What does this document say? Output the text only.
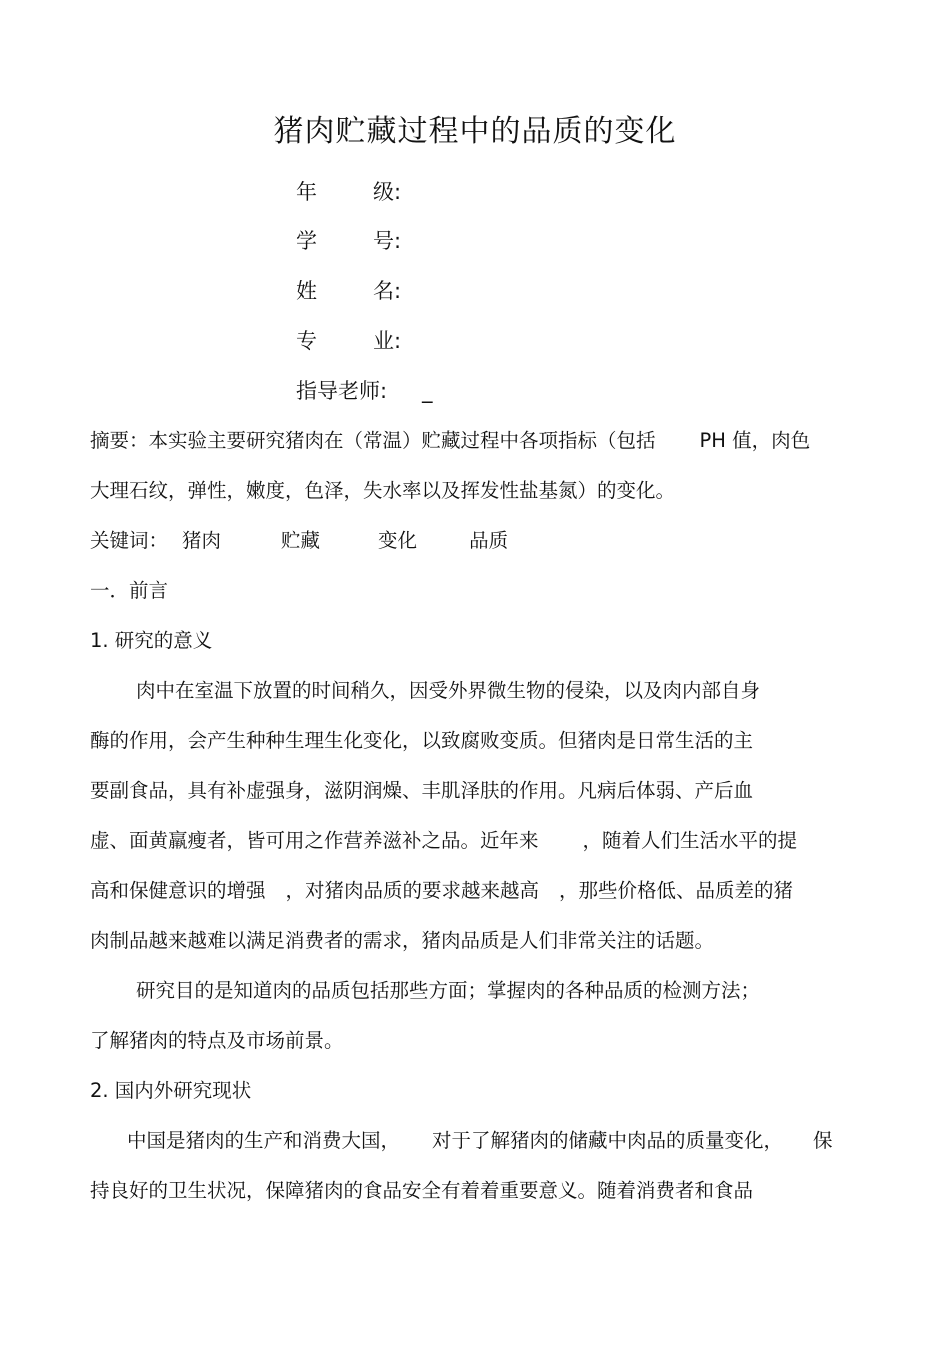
猪肉贮藏过程中的品质的变化
年	级:
学	号:
姓	名:
专	业:
指导老师: _
摘要：本实验主要研究猪肉在（常温）贮藏过程中各项指标（包括 PH 值，肉色
大理石纹，弹性，嫩度，色泽，失水率以及挥发性盐基氮）的变化。
关键词： 猪肉	贮藏	变化	品质
一．前言
1. 研究的意义
肉中在室温下放置的时间稍久，因受外界微生物的侵染，以及肉内部自身
酶的作用，会产生种种生理生化变化，以致腐败变质。但猪肉是日常生活的主
要副食品，具有补虚强身，滋阴润燥、丰肌泽肤的作用。凡病后体弱、产后血
虚、面黄羸瘦者，皆可用之作营养滋补之品。近年来 ，随着人们生活水平的提
高和保健意识的增强 ，对猪肉品质的要求越来越高 ，那些价格低、品质差的猪
肉制品越来越难以满足消费者的需求，猪肉品质是人们非常关注的话题。
研究目的是知道肉的品质包括那些方面；掌握肉的各种品质的检测方法；
了解猪肉的特点及市场前景。
2. 国内外研究现状
中国是猪肉的生产和消费大国， 对于了解猪肉的储藏中肉品的质量变化， 保
持良好的卫生状况，保障猪肉的食品安全有着着重要意义。随着消费者和食品
